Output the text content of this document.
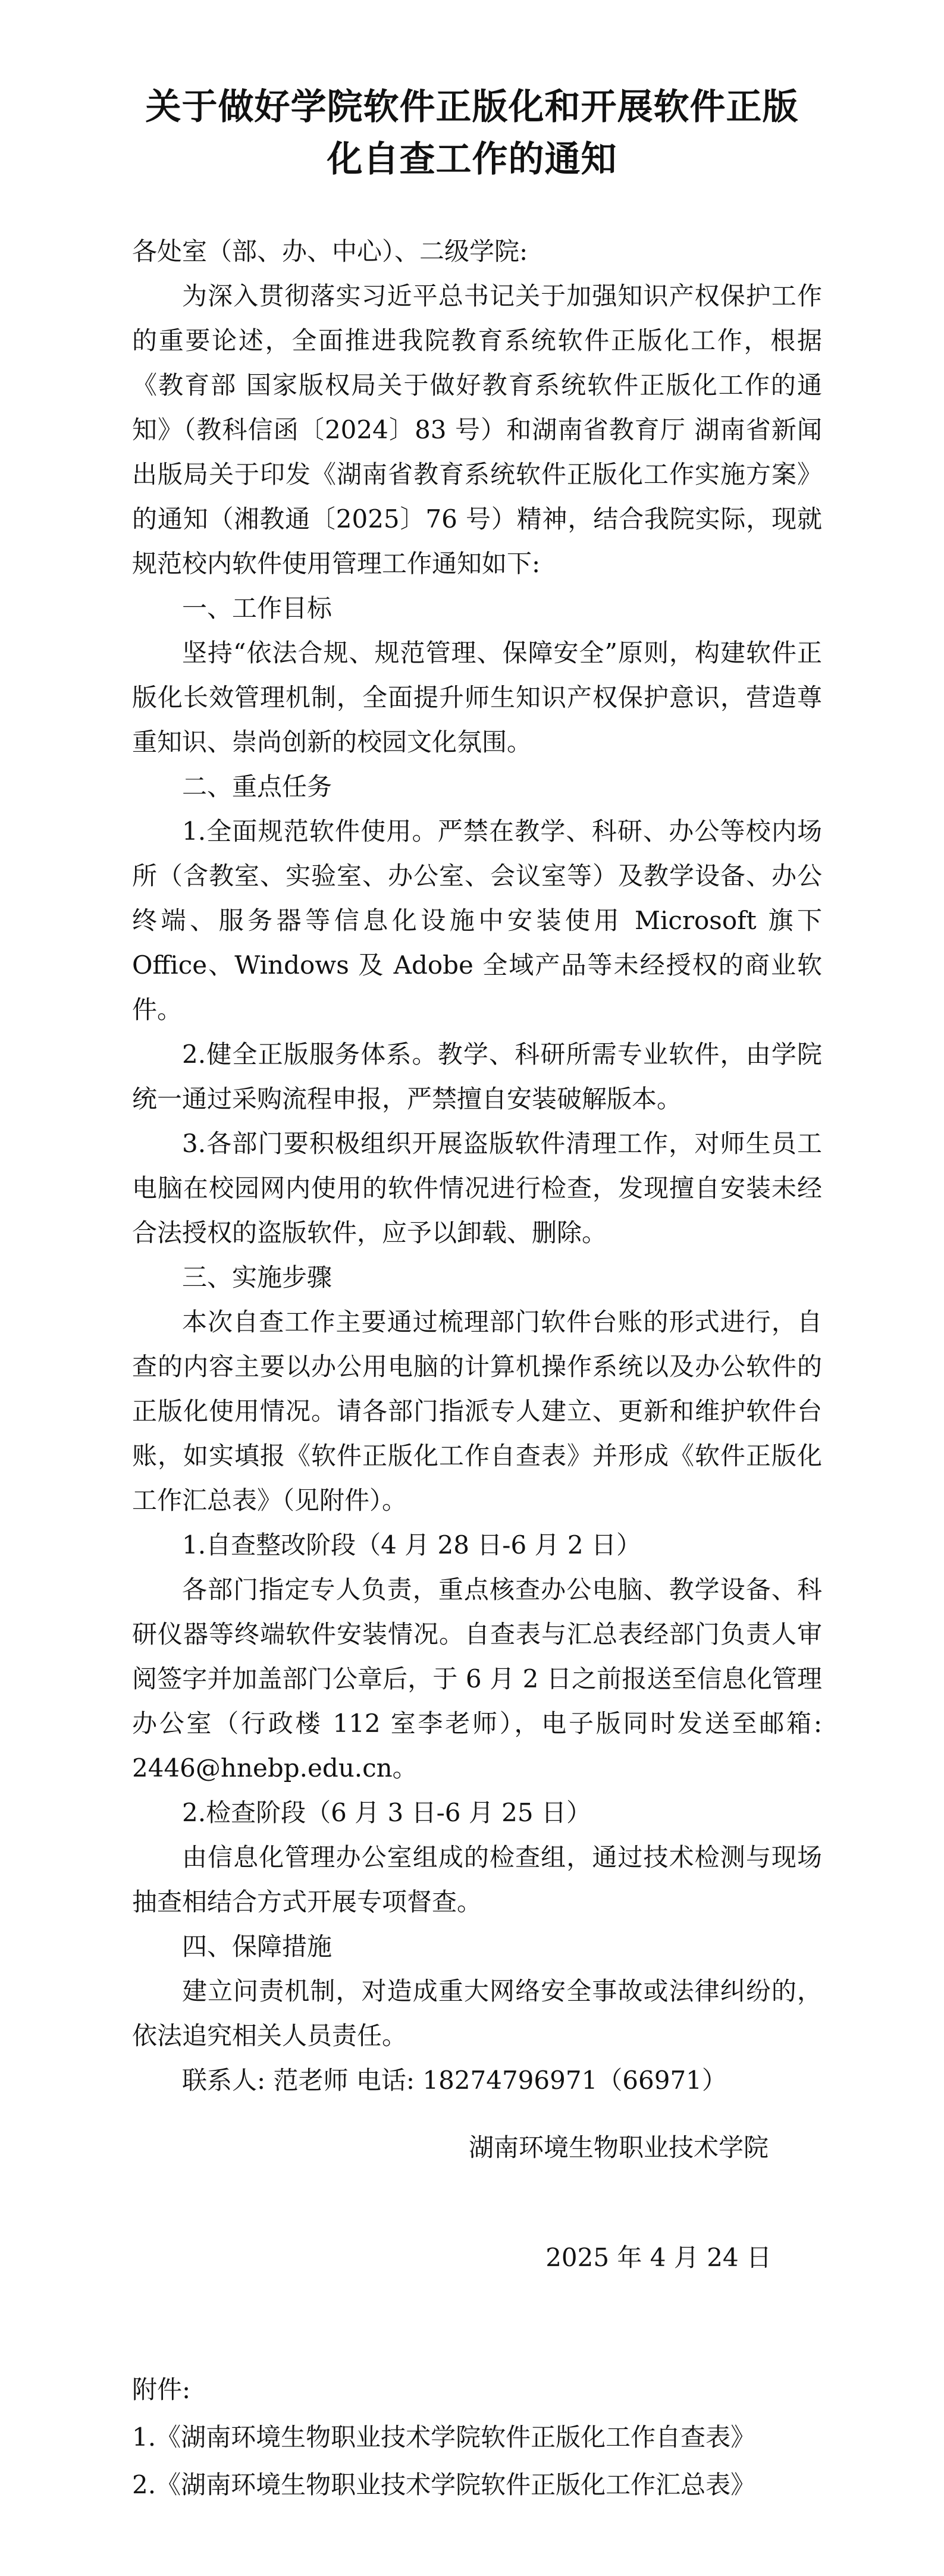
关于做好学院软件正版化和开展软件正版
化自查工作的通知

各处室（部、办、中心）、二级学院:

为深入贯彻落实习近平总书记关于加强知识产权保护工作的重要论述，全面推进我院教育系统软件正版化工作，根据《教育部 国家版权局关于做好教育系统软件正版化工作的通知》（教科信函〔2024〕83 号）和湖南省教育厅 湖南省新闻出版局关于印发《湖南省教育系统软件正版化工作实施方案》的通知（湘教通〔2025〕76 号）精神，结合我院实际，现就规范校内软件使用管理工作通知如下:

一、工作目标

坚持“依法合规、规范管理、保障安全”原则，构建软件正版化长效管理机制，全面提升师生知识产权保护意识，营造尊重知识、崇尚创新的校园文化氛围。

二、重点任务

1.全面规范软件使用。严禁在教学、科研、办公等校内场所（含教室、实验室、办公室、会议室等）及教学设备、办公终端、服务器等信息化设施中安装使用 Microsoft 旗下 Office、Windows 及 Adobe 全域产品等未经授权的商业软件。

2.健全正版服务体系。教学、科研所需专业软件，由学院统一通过采购流程申报，严禁擅自安装破解版本。

3.各部门要积极组织开展盗版软件清理工作，对师生员工电脑在校园网内使用的软件情况进行检查，发现擅自安装未经合法授权的盗版软件，应予以卸载、删除。

三、实施步骤

本次自查工作主要通过梳理部门软件台账的形式进行，自查的内容主要以办公用电脑的计算机操作系统以及办公软件的正版化使用情况。请各部门指派专人建立、更新和维护软件台账，如实填报《软件正版化工作自查表》并形成《软件正版化工作汇总表》（见附件）。

1.自查整改阶段（4 月 28 日-6 月 2 日）

各部门指定专人负责，重点核查办公电脑、教学设备、科研仪器等终端软件安装情况。自查表与汇总表经部门负责人审阅签字并加盖部门公章后，于 6 月 2 日之前报送至信息化管理办公室（行政楼 112 室李老师），电子版同时发送至邮箱: 2446@hnebp.edu.cn。

2.检查阶段（6 月 3 日-6 月 25 日）

由信息化管理办公室组成的检查组，通过技术检测与现场抽查相结合方式开展专项督查。

四、保障措施

建立问责机制，对造成重大网络安全事故或法律纠纷的，依法追究相关人员责任。

联系人: 范老师 电话: 18274796971（66971）

湖南环境生物职业技术学院
2025 年 4 月 24 日
附件:
1.《湖南环境生物职业技术学院软件正版化工作自查表》
2.《湖南环境生物职业技术学院软件正版化工作汇总表》
